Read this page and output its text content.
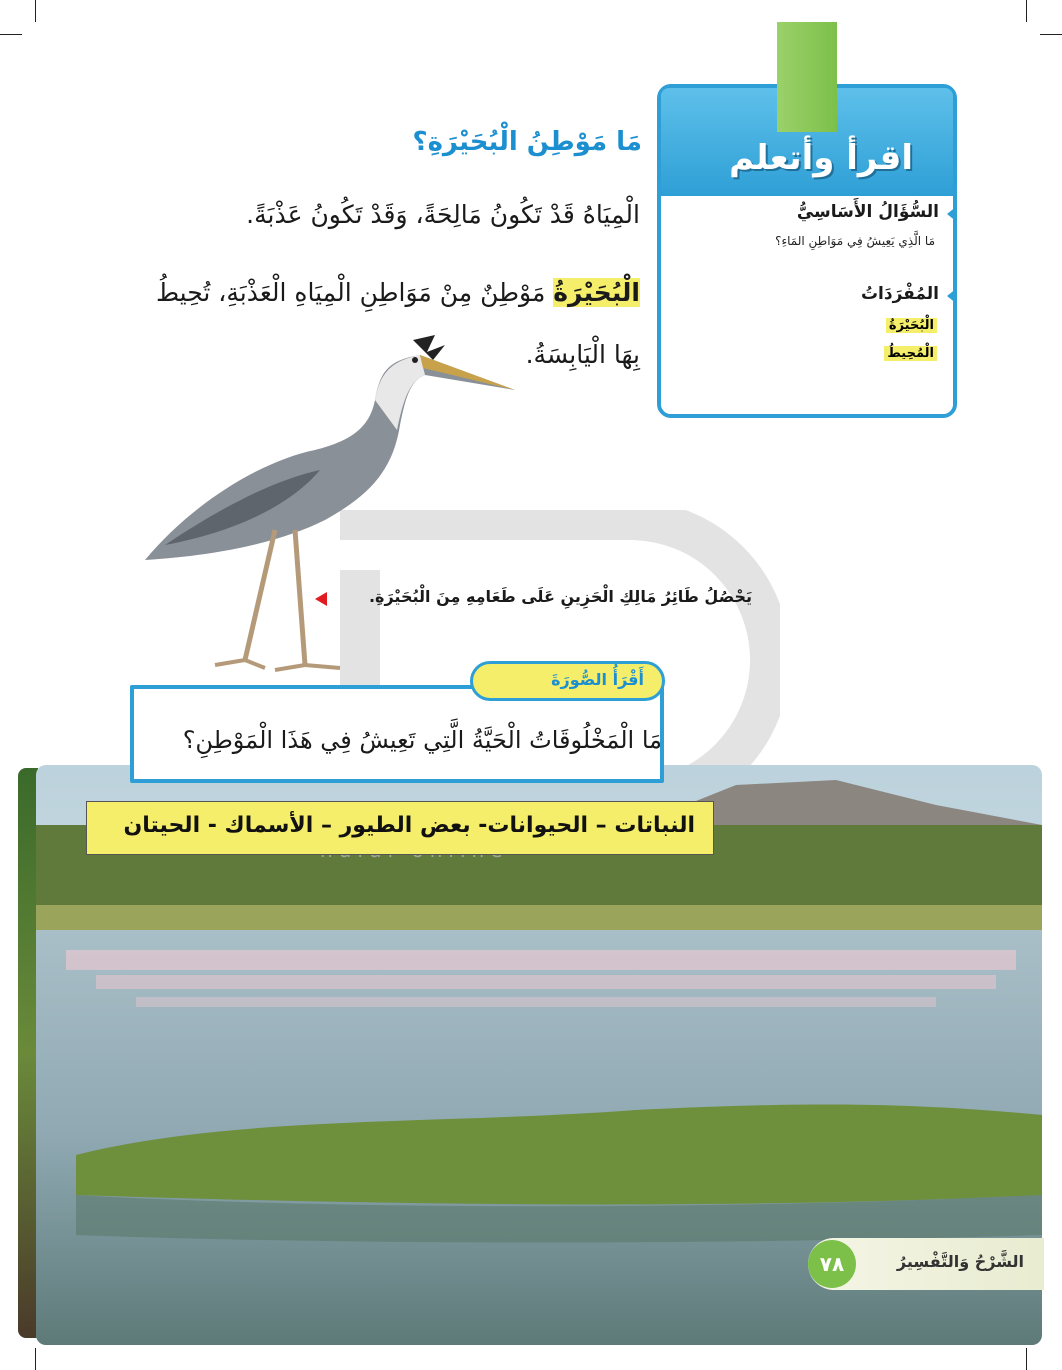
اقرأ وأتعلم
السُّؤَالُ الأَسَاسِيُّ
مَا الَّذِي يَعِيشُ فِي مَوَاطِنِ المَاءِ؟
المُفْرَدَاتُ
الْبُحَيْرَةُ
الْمُحِيطُ
مَا مَوْطِنُ الْبُحَيْرَةِ؟
الْمِيَاهُ قَدْ تَكُونُ مَالِحَةً، وَقَدْ تَكُونُ عَذْبَةً.
الْبُحَيْرَةُ مَوْطِنٌ مِنْ مَوَاطِنِ الْمِيَاهِ الْعَذْبَةِ، تُحِيطُ
بِهَا الْيَابِسَةُ.
يَحْصُلُ طَائِرُ مَالِكِ الْحَزِينِ عَلَى طَعَامِهِ مِنَ الْبُحَيْرَةِ.
أَقْرَأُ الصُّورَةَ
مَا الْمَخْلُوقَاتُ الْحَيَّةُ الَّتِي تَعِيشُ فِي هَذَا الْمَوْطِنِ؟
النباتات – الحيوانات- بعض الطيور – الأسماك - الحيتان
٧٨	الشَّرْحُ وَالتَّفْسِيرُ
